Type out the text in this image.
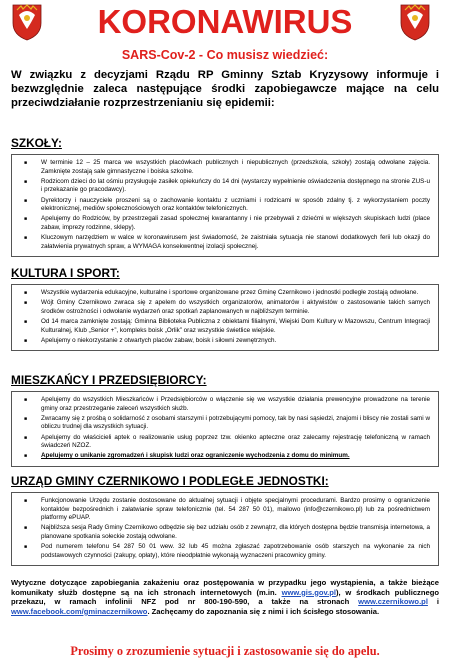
KORONAWIRUS
SARS-Cov-2 - Co musisz wiedzieć:

W związku z decyzjami Rządu RP Gminny Sztab Kryzysowy informuje i bezwzględnie zaleca następujące środki zapobiegawcze mające na celu przeciwdziałanie rozprzestrzenianiu się epidemii:

SZKOŁY:
■ W terminie 12 – 25 marca we wszystkich placówkach publicznych i niepublicznych (przedszkola, szkoły) zostają odwołane zajęcia. Zamknięte zostają sale gimnastyczne i boiska szkolne.
■ Rodzicom dzieci do lat ośmiu przysługuje zasiłek opiekuńczy do 14 dni (wystarczy wypełnienie oświadczenia dostępnego na stronie ZUS-u i przekazanie go pracodawcy).
■ Dyrektorzy i nauczyciele proszeni są o zachowanie kontaktu z uczniami i rodzicami w sposób zdalny tj. z wykorzystaniem poczty elektronicznej, mediów społecznościowych oraz kontaktów telefonicznych.
■ Apelujemy do Rodziców, by przestrzegali zasad społecznej kwarantanny i nie przebywali z dziećmi w większych skupiskach ludzi (place zabaw, imprezy rodzinne, sklepy).
■ Kluczowym narzędziem w walce w koronawirusem jest świadomość, że zaistniała sytuacja nie stanowi dodatkowych ferii lub okazji do załatwienia prywatnych spraw, a WYMAGA konsekwentnej izolacji społecznej.
KULTURA I SPORT:
■ Wszystkie wydarzenia edukacyjne, kulturalne i sportowe organizowane przez Gminę Czernikowo i jednostki podległe zostają odwołane.
■ Wójt Gminy Czernikowo zwraca się z apelem do wszystkich organizatorów, animatorów i aktywistów o zastosowanie takich samych środków ostrożności i odwołanie wydarzeń oraz spotkań zaplanowanych w najbliższym terminie.
■ Od 14 marca zamknięte zostają: Gminna Biblioteka Publiczna z obiektami filialnymi, Wiejski Dom Kultury w Mazowszu, Centrum Integracji Kulturalnej, Klub „Senior +”, kompleks boisk „Orlik” oraz wszystkie świetlice wiejskie.
■ Apelujemy o niekorzystanie z otwartych placów zabaw, boisk i siłowni zewnętrznych.
MIESZKAŃCY I PRZEDSIĘBIORCY:
■ Apelujemy do wszystkich Mieszkańców i Przedsiębiorców o włączenie się we wszystkie działania prewencyjne prowadzone na terenie gminy oraz przestrzeganie zaleceń wszystkich służb.
■ Zwracamy się z prośbą o solidarność z osobami starszymi i potrzebującymi pomocy, tak by nasi sąsiedzi, znajomi i bliscy nie zostali sami w obliczu trudnej dla wszystkich sytuacji.
■ Apelujemy do właścicieli aptek o realizowanie usług poprzez tzw. okienko apteczne oraz zalecamy rejestrację telefoniczną w ramach świadczeń NZOZ.
■ Apelujemy o unikanie zgromadzeń i skupisk ludzi oraz ograniczenie wychodzenia z domu do minimum.
URZĄD GMINY CZERNIKOWO I PODLEGŁE JEDNOSTKI:
■ Funkcjonowanie Urzędu zostanie dostosowane do aktualnej sytuacji i objęte specjalnymi procedurami. Bardzo prosimy o ograniczenie kontaktów bezpośrednich i załatwianie spraw telefonicznie (tel. 54 287 50 01), mailowo (info@czernikowo.pl) lub za pośrednictwem platformy ePUAP.
■ Najbliższa sesja Rady Gminy Czernikowo odbędzie się bez udziału osób z zewnątrz, dla których dostępna będzie transmisja internetowa, a planowane spotkania sołeckie zostają odwołane.
■ Pod numerem telefonu 54 287 50 01 wew. 32 lub 45 można zgłaszać zapotrzebowanie osób starszych na wykonanie za nich podstawowych czynności (zakupy, opłaty), które nieodpłatnie wykonają wyznaczeni pracownicy gminy.

Wytyczne dotyczące zapobiegania zakażeniu oraz postępowania w przypadku jego wystąpienia, a także bieżące komunikaty służb dostępne są na ich stronach internetowych (m.in. www.gis.gov.pl), w środkach publicznego przekazu, w ramach infolinii NFZ pod nr 800-190-590, a także na stronach www.czernikowo.pl i www.facebook.com/gminaczernikowo. Zachęcamy do zapoznania się z nimi i ich ścisłego stosowania.

Prosimy o zrozumienie sytuacji i zastosowanie się do apelu.
